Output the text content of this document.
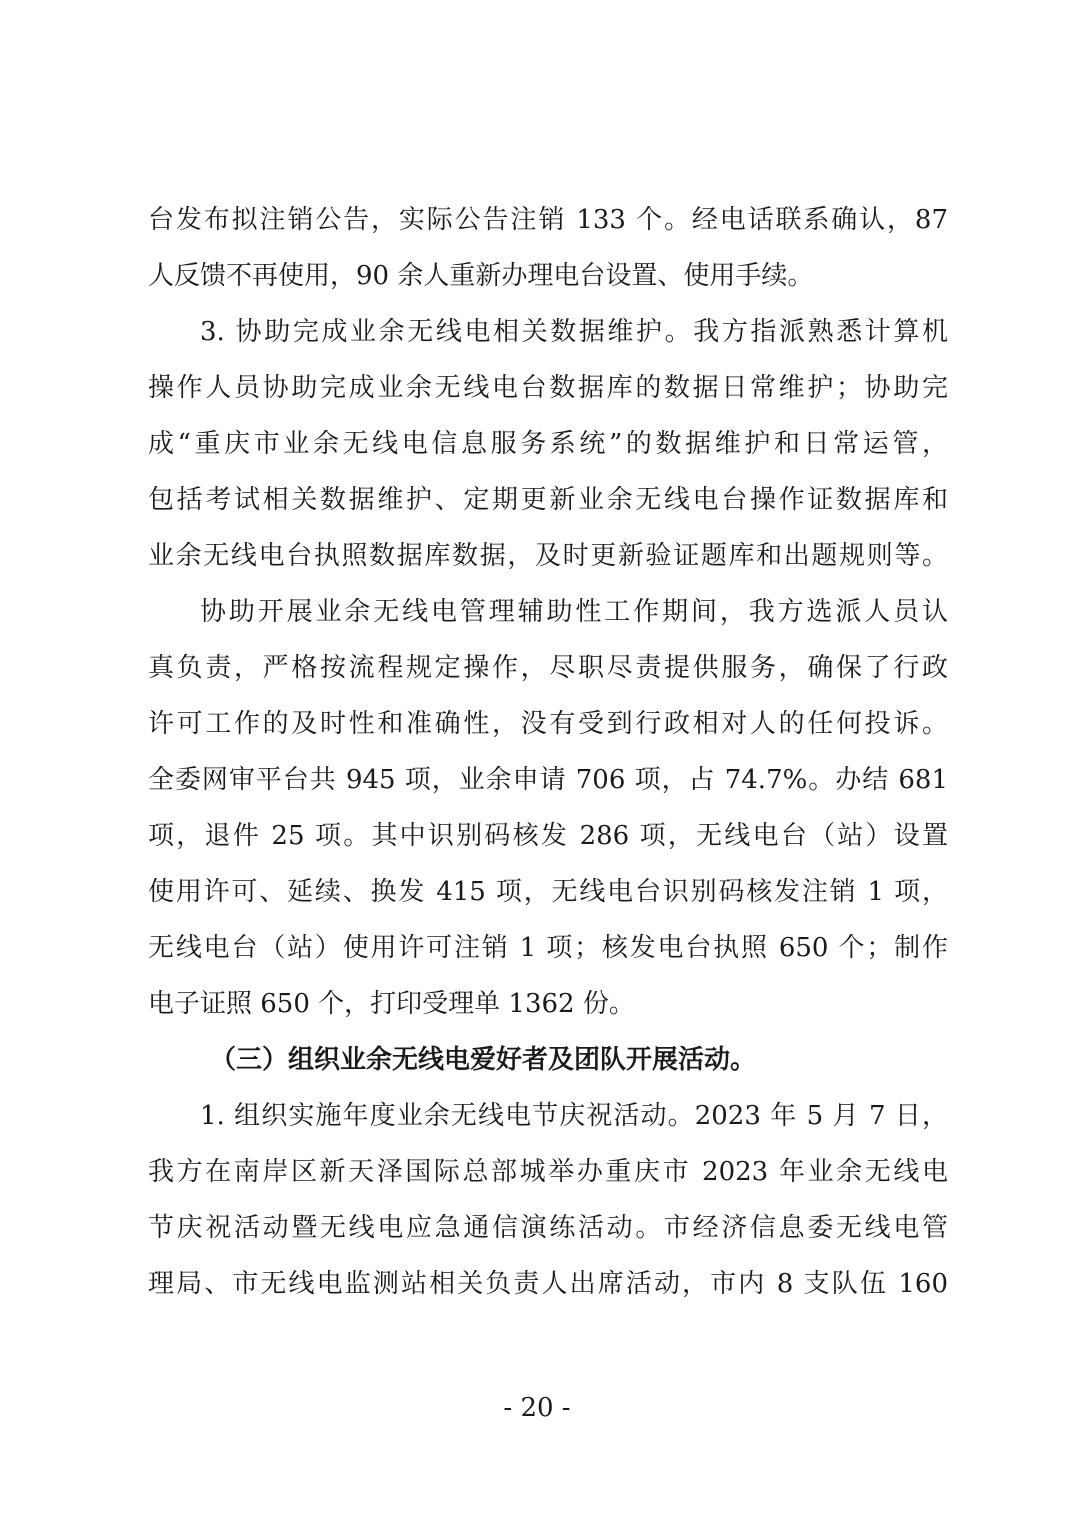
台发布拟注销公告，实际公告注销 133 个。经电话联系确认，87
人反馈不再使用，90 余人重新办理电台设置、使用手续。
3. 协助完成业余无线电相关数据维护。我方指派熟悉计算机
操作人员协助完成业余无线电台数据库的数据日常维护；协助完
成“重庆市业余无线电信息服务系统”的数据维护和日常运管，
包括考试相关数据维护、定期更新业余无线电台操作证数据库和
业余无线电台执照数据库数据，及时更新验证题库和出题规则等。
协助开展业余无线电管理辅助性工作期间，我方选派人员认
真负责，严格按流程规定操作，尽职尽责提供服务，确保了行政
许可工作的及时性和准确性，没有受到行政相对人的任何投诉。
全委网审平台共 945 项，业余申请 706 项，占 74.7%。办结 681
项，退件 25 项。其中识别码核发 286 项，无线电台（站）设置
使用许可、延续、换发 415 项，无线电台识别码核发注销 1 项，
无线电台（站）使用许可注销 1 项；核发电台执照 650 个；制作
电子证照 650 个，打印受理单 1362 份。
（三）组织业余无线电爱好者及团队开展活动。
1. 组织实施年度业余无线电节庆祝活动。2023 年 5 月 7 日，
我方在南岸区新天泽国际总部城举办重庆市 2023 年业余无线电
节庆祝活动暨无线电应急通信演练活动。市经济信息委无线电管
理局、市无线电监测站相关负责人出席活动，市内 8 支队伍 160
- 20 -
